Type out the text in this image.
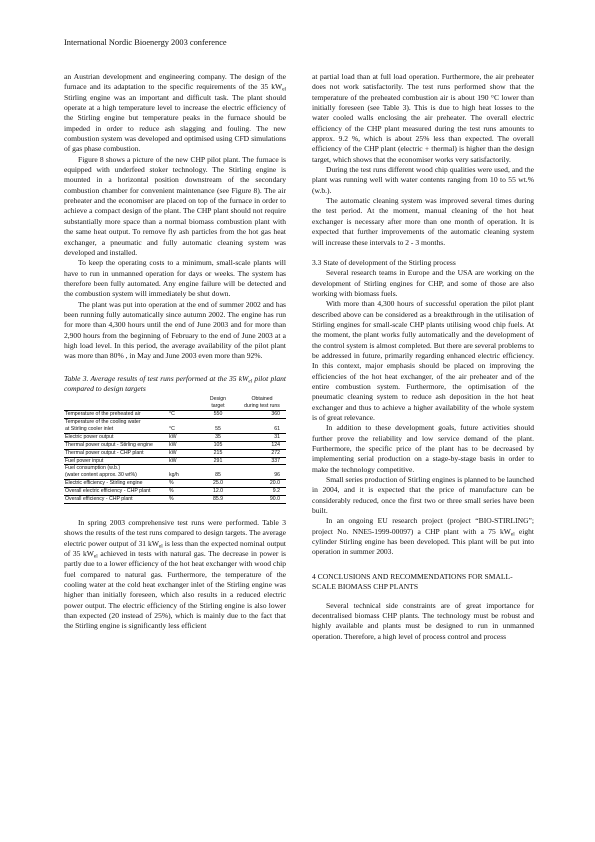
International Nordic Bioenergy 2003 conference

an Austrian development and engineering company. The design of the furnace and its adaptation to the specific requirements of the 35 $kW_{el}$ Stirling engine was an important and difficult task. The plant should operate at a high temperature level to increase the electric efficiency of the Stirling engine but temperature peaks in the furnace should be impeded in order to reduce ash slagging and fouling. The new combustion system was developed and optimised using CFD simulations of gas phase combustion.

Figure 8 shows a picture of the new CHP pilot plant. The furnace is equipped with underfeed stoker technology. The Stirling engine is mounted in a horizontal position downstream of the secondary combustion chamber for convenient maintenance (see Figure 8). The air preheater and the economiser are placed on top of the furnace in order to achieve a compact design of the plant. The CHP plant should not require substantially more space than a normal biomass combustion plant with the same heat output. To remove fly ash particles from the hot gas heat exchanger, a pneumatic and fully automatic cleaning system was developed and installed.

To keep the operating costs to a minimum, small-scale plants will have to run in unmanned operation for days or weeks. The system has therefore been fully automated. Any engine failure will be detected and the combustion system will immediately be shut down.

The plant was put into operation at the end of summer 2002 and has been running fully automatically since autumn 2002. The engine has run for more than 4,300 hours until the end of June 2003 and for more than 2,900 hours from the beginning of February to the end of June 2003 at a high load level. In this period, the average availability of the pilot plant was more than 80% , in May and June 2003 even more than 92%.

Table 3. Average results of test runs performed at the 35 $kW_{el}$ pilot plant compared to design targets

		Design	Obtained
		target	during test runs
Temperature of the preheated air	°C	550	360
Temperature of the cooling water			
at Stirling cooler inlet	°C	55	61
Electric power output	kW	35	31
Thermal power output - Stirling engine	kW	105	124
Thermal power output - CHP plant	kW	215	272
Fuel power input	kW	291	337
Fuel consumption (w.b.)			
(water content approx. 30 wt%)	kg/h	85	96
Electric efficiency - Stirling engine	%	25.0	20.0
Overall electric efficiency - CHP plant	%	12.0	9.2
Overall efficiency - CHP plant	%	85.9	90.0

In spring 2003 comprehensive test runs were performed. Table 3 shows the results of the test runs compared to design targets. The average electric power output of 31 $kW_{el}$ is less than the expected nominal output of 35 $kW_{el}$ achieved in tests with natural gas. The decrease in power is partly due to a lower efficiency of the hot heat exchanger with wood chip fuel compared to natural gas. Furthermore, the temperature of the cooling water at the cold heat exchanger inlet of the Stirling engine was higher than initially foreseen, which also results in a reduced electric power output. The electric efficiency of the Stirling engine is also lower than expected (20 instead of 25%), which is mainly due to the fact that the Stirling engine is significantly less efficient

at partial load than at full load operation. Furthermore, the air preheater does not work satisfactorily. The test runs performed show that the temperature of the preheated combustion air is about 190 °C lower than initially foreseen (see Table 3). This is due to high heat losses to the water cooled walls enclosing the air preheater. The overall electric efficiency of the CHP plant measured during the test runs amounts to approx. 9.2 %, which is about 25% less than expected. The overall efficiency of the CHP plant (electric + thermal) is higher than the design target, which shows that the economiser works very satisfactorily.

During the test runs different wood chip qualities were used, and the plant was running well with water contents ranging from 10 to 55 wt.% (w.b.).

The automatic cleaning system was improved several times during the test period. At the moment, manual cleaning of the hot heat exchanger is necessary after more than one month of operation. It is expected that further improvements of the automatic cleaning system will increase these intervals to 2 - 3 months.

3.3 State of development of the Stirling process

Several research teams in Europe and the USA are working on the development of Stirling engines for CHP, and some of those are also working with biomass fuels.

With more than 4,300 hours of successful operation the pilot plant described above can be considered as a breakthrough in the utilisation of Stirling engines for small-scale CHP plants utilising wood chip fuels. At the moment, the plant works fully automatically and the development of the control system is almost completed. But there are several problems to be addressed in future, primarily regarding enhanced electric efficiency. In this context, major emphasis should be placed on improving the efficiencies of the hot heat exchanger, of the air preheater and of the entire combustion system. Furthermore, the optimisation of the pneumatic cleaning system to reduce ash deposition in the hot heat exchanger and thus to achieve a higher availability of the whole system is of great relevance.

In addition to these development goals, future activities should further prove the reliability and low service demand of the plant. Furthermore, the specific price of the plant has to be decreased by implementing serial production on a stage-by-stage basis in order to make the technology competitive.

Small series production of Stirling engines is planned to be launched in 2004, and it is expected that the price of manufacture can be considerably reduced, once the first two or three small series have been built.

In an ongoing EU research project (project “BIO-STIRLING”; project No. NNE5-1999-00097) a CHP plant with a 75 $kW_{el}$ eight cylinder Stirling engine has been developed. This plant will be put into operation in summer 2003.

4 CONCLUSIONS AND RECOMMENDATIONS FOR SMALL-SCALE BIOMASS CHP PLANTS

Several technical side constraints are of great importance for decentralised biomass CHP plants. The technology must be robust and highly available and plants must be designed to run in unmanned operation. Therefore, a high level of process control and process
